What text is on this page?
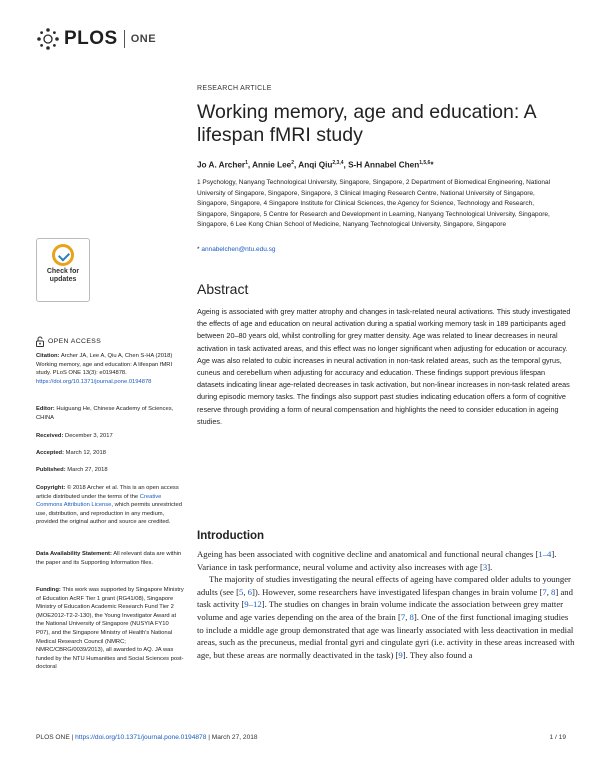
PLOS ONE
RESEARCH ARTICLE
Working memory, age and education: A lifespan fMRI study
Jo A. Archer$^1$, Annie Lee$^2$, Anqi Qiu$^{2,3,4}$, S-H Annabel Chen$^{1,5,6}$*
1 Psychology, Nanyang Technological University, Singapore, Singapore, 2 Department of Biomedical Engineering, National University of Singapore, Singapore, Singapore, 3 Clinical Imaging Research Centre, National University of Singapore, Singapore, Singapore, 4 Singapore Institute for Clinical Sciences, the Agency for Science, Technology and Research, Singapore, Singapore, 5 Centre for Research and Development in Learning, Nanyang Technological University, Singapore, Singapore, 6 Lee Kong Chian School of Medicine, Nanyang Technological University, Singapore, Singapore
* annabelchen@ntu.edu.sg
Check for
updates
OPEN ACCESS
Citation: Archer JA, Lee A, Qiu A, Chen S-HA (2018) Working memory, age and education: A lifespan fMRI study. PLoS ONE 13(3): e0194878. https://doi.org/10.1371/journal.pone.0194878
Editor: Huiguang He, Chinese Academy of Sciences, CHINA
Received: December 3, 2017
Accepted: March 12, 2018
Published: March 27, 2018
Copyright: © 2018 Archer et al. This is an open access article distributed under the terms of the Creative Commons Attribution License, which permits unrestricted use, distribution, and reproduction in any medium, provided the original author and source are credited.
Data Availability Statement: All relevant data are within the paper and its Supporting Information files.
Funding: This work was supported by Singapore Ministry of Education AcRF Tier 1 grant (RG41/08), Singapore Ministry of Education Academic Research Fund Tier 2 (MOE2012-T2-2-130), the Young Investigator Award at the National University of Singapore (NUSYIA FY10 P07), and the Singapore Ministry of Health's National Medical Research Council (NMRC; NMRC/CBRG/0039/2013), all awarded to AQ. JA was funded by the NTU Humanities and Social Sciences post-doctoral
Abstract
Ageing is associated with grey matter atrophy and changes in task-related neural activations. This study investigated the effects of age and education on neural activation during a spatial working memory task in 189 participants aged between 20–80 years old, whilst controlling for grey matter density. Age was related to linear decreases in neural activation in task activated areas, and this effect was no longer significant when adjusting for education or accuracy. Age was also related to cubic increases in neural activation in non-task related areas, such as the temporal gyrus, cuneus and cerebellum when adjusting for accuracy and education. These findings support previous lifespan datasets indicating linear age-related decreases in task activation, but non-linear increases in non-task related areas during episodic memory tasks. The findings also support past studies indicating education offers a form of cognitive reserve through providing a form of neural compensation and highlights the need to consider education in ageing studies.
Introduction

Ageing has been associated with cognitive decline and anatomical and functional neural changes [1–4]. Variance in task performance, neural volume and activity also increases with age [3].

The majority of studies investigating the neural effects of ageing have compared older adults to younger adults (see [5, 6]). However, some researchers have investigated lifespan changes in brain volume [7, 8] and task activity [9–12]. The studies on changes in brain volume indicate the association between grey matter volume and age varies depending on the area of the brain [7, 8]. One of the first functional imaging studies to include a middle age group demonstrated that age was linearly associated with less deactivation in medial areas, such as the precuneus, medial frontal gyri and cingulate gyri (i.e. activity in these areas increased with age, but these areas are normally deactivated in the task) [9]. They also found a

PLOS ONE | https://doi.org/10.1371/journal.pone.0194878 | March 27, 2018	1 / 19
